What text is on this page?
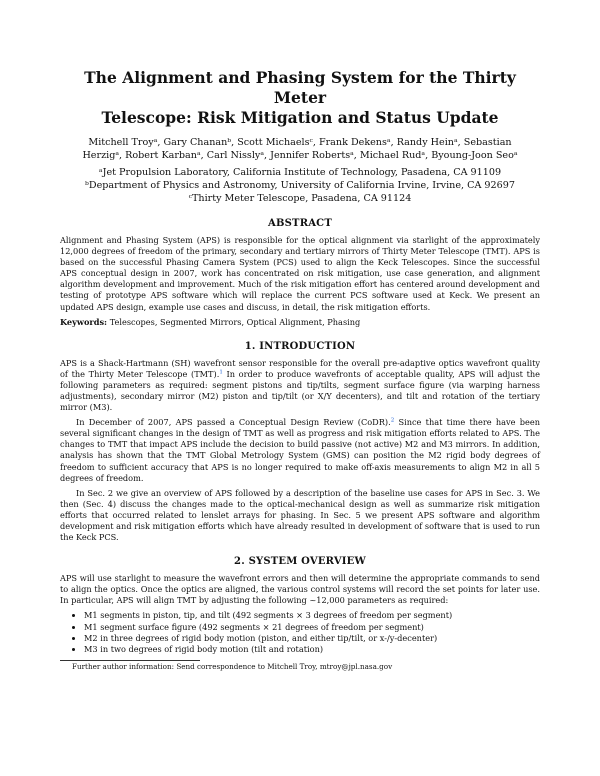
The Alignment and Phasing System for the Thirty Meter
Telescope: Risk Mitigation and Status Update
Mitchell Troyᵃ, Gary Chananᵇ, Scott Michaelsᶜ, Frank Dekensᵃ, Randy Heinᵃ, Sebastian
Herzigᵃ, Robert Karbanᵃ, Carl Nisslyᵃ, Jennifer Robertsᵃ, Michael Rudᵃ, Byoung-Joon Seoᵃ
ᵃJet Propulsion Laboratory, California Institute of Technology, Pasadena, CA 91109
ᵇDepartment of Physics and Astronomy, University of California Irvine, Irvine, CA 92697
ᶜThirty Meter Telescope, Pasadena, CA 91124
ABSTRACT

Alignment and Phasing System (APS) is responsible for the optical alignment via starlight of the approximately 12,000 degrees of freedom of the primary, secondary and tertiary mirrors of Thirty Meter Telescope (TMT). APS is based on the successful Phasing Camera System (PCS) used to align the Keck Telescopes. Since the successful APS conceptual design in 2007, work has concentrated on risk mitigation, use case generation, and alignment algorithm development and improvement. Much of the risk mitigation effort has centered around development and testing of prototype APS software which will replace the current PCS software used at Keck. We present an updated APS design, example use cases and discuss, in detail, the risk mitigation efforts.

Keywords: Telescopes, Segmented Mirrors, Optical Alignment, Phasing

1. INTRODUCTION

APS is a Shack-Hartmann (SH) wavefront sensor responsible for the overall pre-adaptive optics wavefront quality of the Thirty Meter Telescope (TMT).$^1$ In order to produce wavefronts of acceptable quality, APS will adjust the following parameters as required: segment pistons and tip/tilts, segment surface figure (via warping harness adjustments), secondary mirror (M2) piston and tip/tilt (or X/Y decenters), and tilt and rotation of the tertiary mirror (M3).

In December of 2007, APS passed a Conceptual Design Review (CoDR).$^2$ Since that time there have been several significant changes in the design of TMT as well as progress and risk mitigation efforts related to APS. The changes to TMT that impact APS include the decision to build passive (not active) M2 and M3 mirrors. In addition, analysis has shown that the TMT Global Metrology System (GMS) can position the M2 rigid body degrees of freedom to sufficient accuracy that APS is no longer required to make off-axis measurements to align M2 in all 5 degrees of freedom.

In Sec. 2 we give an overview of APS followed by a description of the baseline use cases for APS in Sec. 3. We then (Sec. 4) discuss the changes made to the optical-mechanical design as well as summarize risk mitigation efforts that occurred related to lenslet arrays for phasing. In Sec. 5 we present APS software and algorithm development and risk mitigation efforts which have already resulted in development of software that is used to run the Keck PCS.

2. SYSTEM OVERVIEW

APS will use starlight to measure the wavefront errors and then will determine the appropriate commands to send to align the optics. Once the optics are aligned, the various control systems will record the set points for later use. In particular, APS will align TMT by adjusting the following ~12,000 parameters as required:

• M1 segments in piston, tip, and tilt (492 segments × 3 degrees of freedom per segment)
• M1 segment surface figure (492 segments × 21 degrees of freedom per segment)
• M2 in three degrees of rigid body motion (piston, and either tip/tilt, or x-/y-decenter)
• M3 in two degrees of rigid body motion (tilt and rotation)
Further author information: Send correspondence to Mitchell Troy, mtroy@jpl.nasa.gov
